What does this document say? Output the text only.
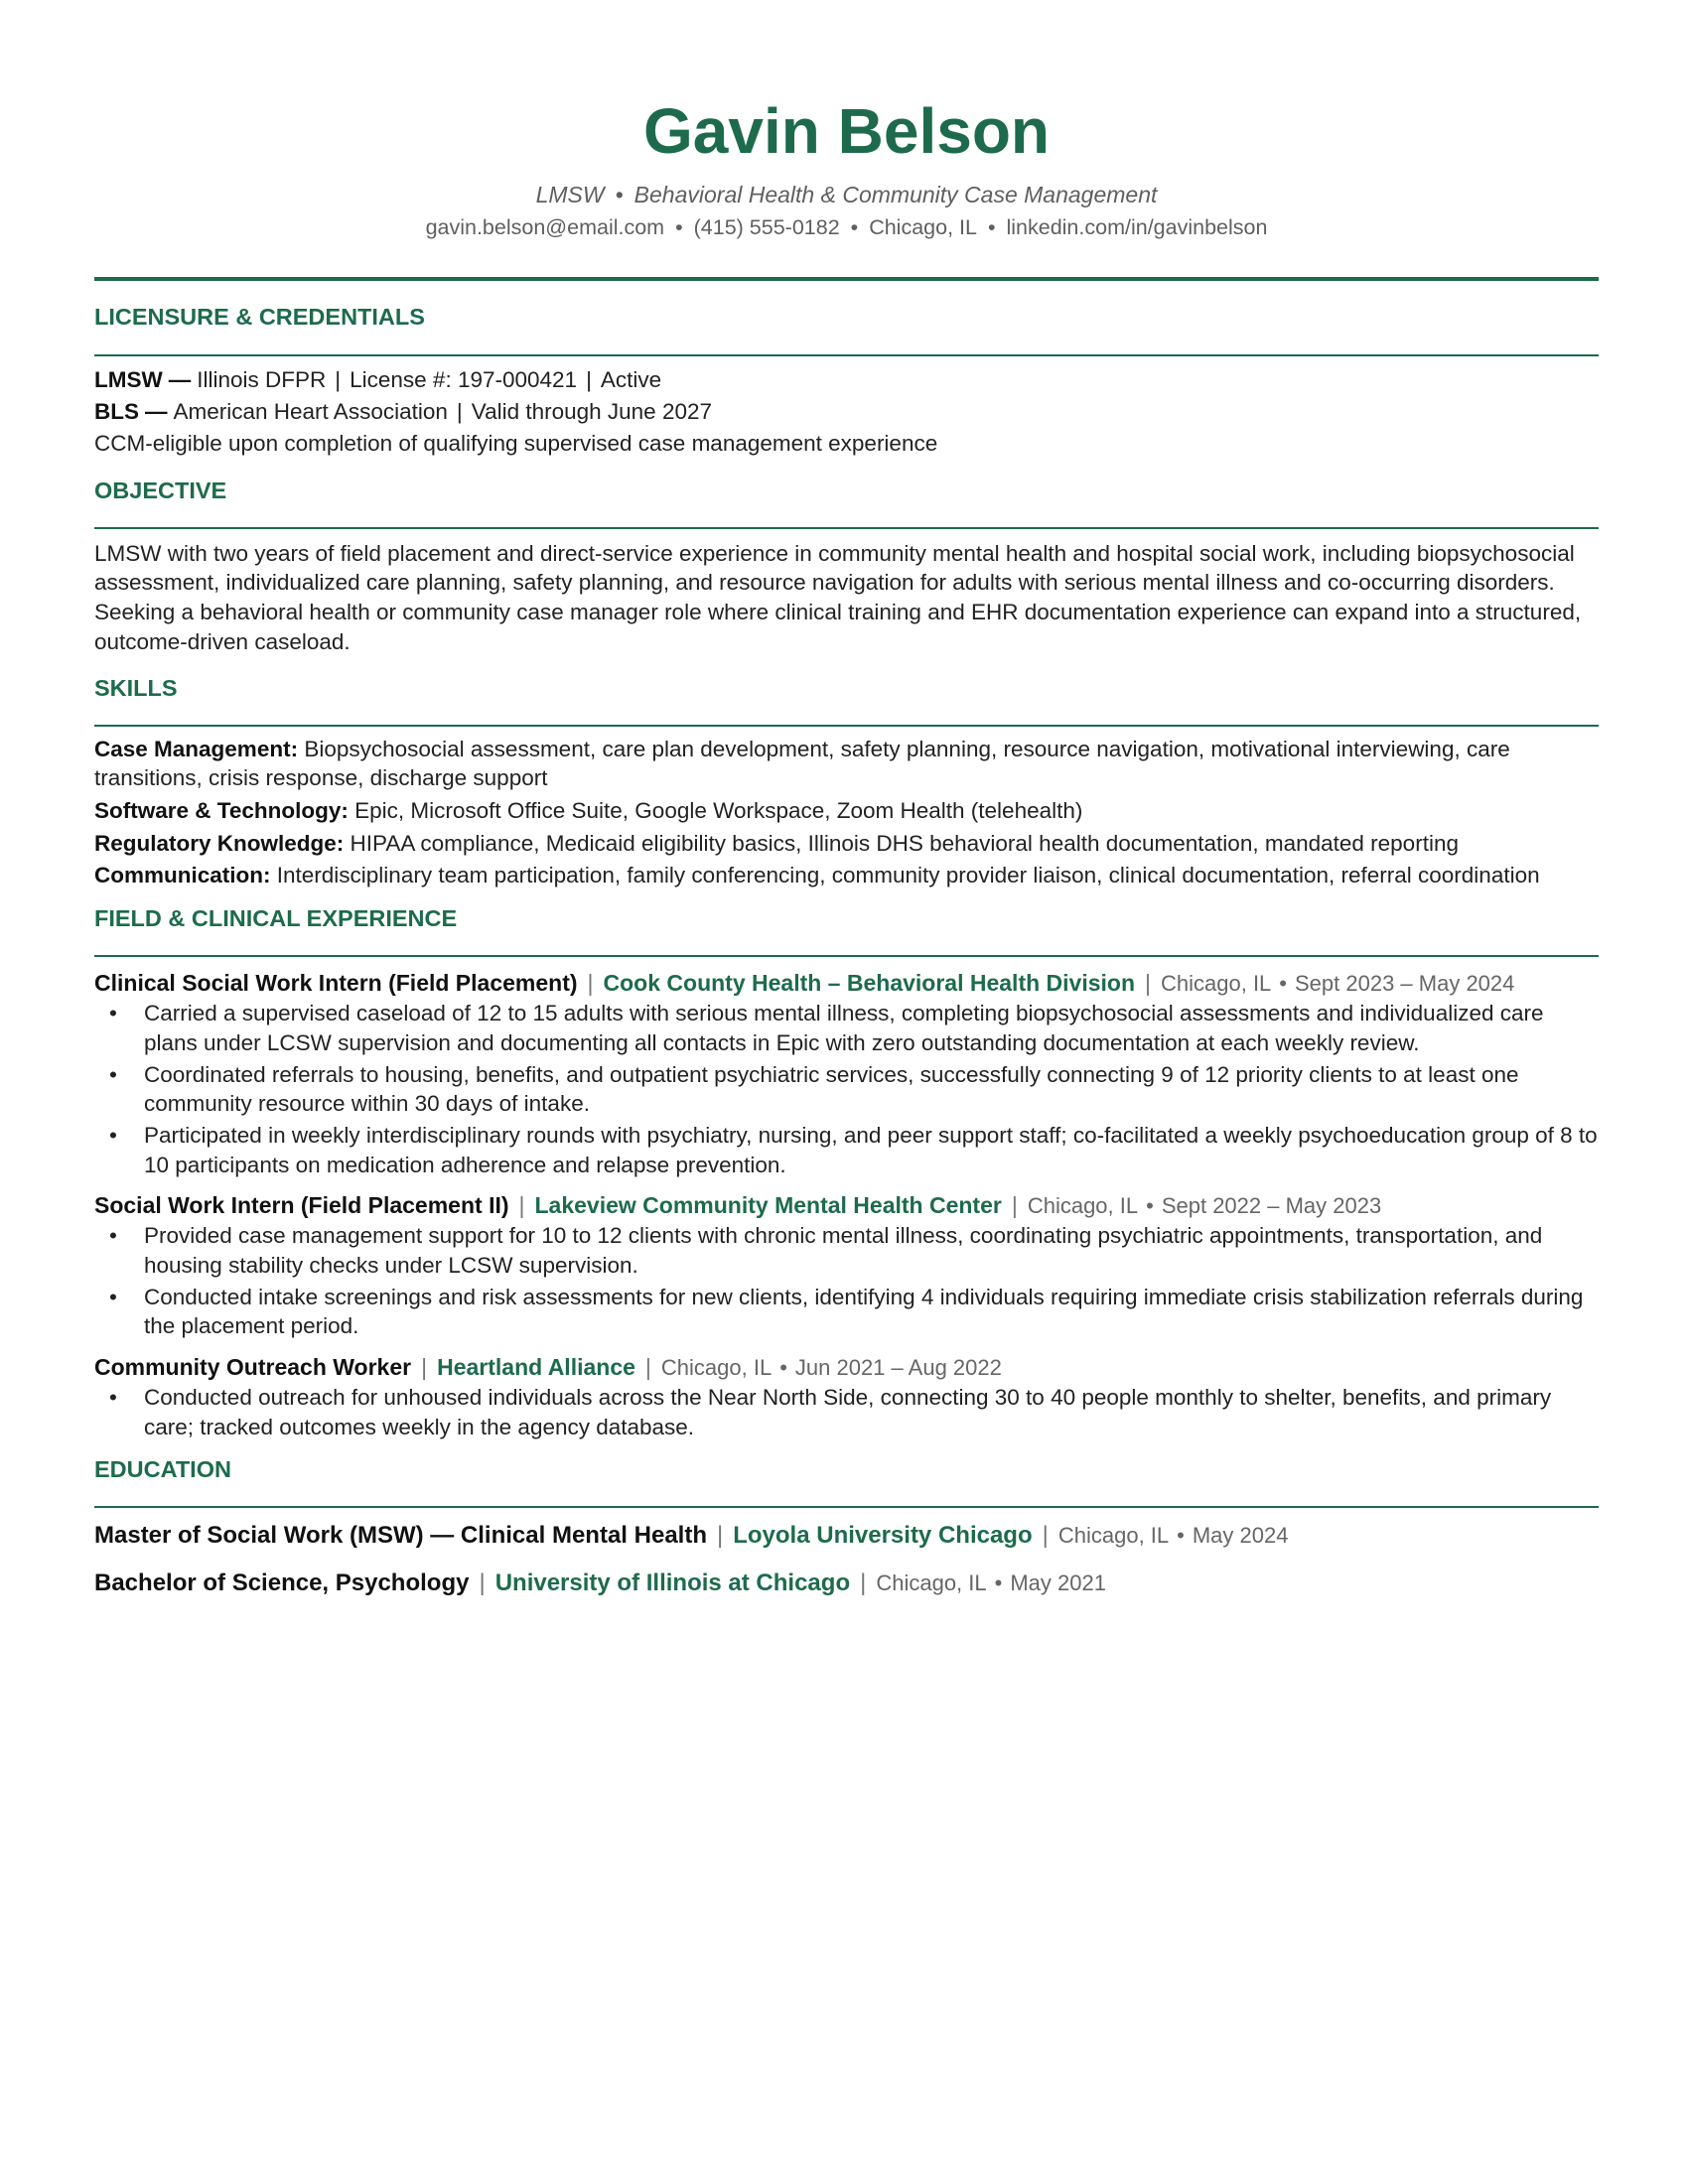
Gavin Belson
LMSW • Behavioral Health & Community Case Management
gavin.belson@email.com • (415) 555-0182 • Chicago, IL • linkedin.com/in/gavinbelson
LICENSURE & CREDENTIALS
LMSW — Illinois DFPR | License #: 197-000421 | Active
BLS — American Heart Association | Valid through June 2027
CCM-eligible upon completion of qualifying supervised case management experience
OBJECTIVE
LMSW with two years of field placement and direct-service experience in community mental health and hospital social work, including biopsychosocial assessment, individualized care planning, safety planning, and resource navigation for adults with serious mental illness and co-occurring disorders. Seeking a behavioral health or community case manager role where clinical training and EHR documentation experience can expand into a structured, outcome-driven caseload.
SKILLS
Case Management: Biopsychosocial assessment, care plan development, safety planning, resource navigation, motivational interviewing, care transitions, crisis response, discharge support
Software & Technology: Epic, Microsoft Office Suite, Google Workspace, Zoom Health (telehealth)
Regulatory Knowledge: HIPAA compliance, Medicaid eligibility basics, Illinois DHS behavioral health documentation, mandated reporting
Communication: Interdisciplinary team participation, family conferencing, community provider liaison, clinical documentation, referral coordination
FIELD & CLINICAL EXPERIENCE
Clinical Social Work Intern (Field Placement) | Cook County Health – Behavioral Health Division | Chicago, IL • Sept 2023 – May 2024
• Carried a supervised caseload of 12 to 15 adults with serious mental illness, completing biopsychosocial assessments and individualized care plans under LCSW supervision and documenting all contacts in Epic with zero outstanding documentation at each weekly review.
• Coordinated referrals to housing, benefits, and outpatient psychiatric services, successfully connecting 9 of 12 priority clients to at least one community resource within 30 days of intake.
• Participated in weekly interdisciplinary rounds with psychiatry, nursing, and peer support staff; co-facilitated a weekly psychoeducation group of 8 to 10 participants on medication adherence and relapse prevention.
Social Work Intern (Field Placement II) | Lakeview Community Mental Health Center | Chicago, IL • Sept 2022 – May 2023
• Provided case management support for 10 to 12 clients with chronic mental illness, coordinating psychiatric appointments, transportation, and housing stability checks under LCSW supervision.
• Conducted intake screenings and risk assessments for new clients, identifying 4 individuals requiring immediate crisis stabilization referrals during the placement period.
Community Outreach Worker | Heartland Alliance | Chicago, IL • Jun 2021 – Aug 2022
• Conducted outreach for unhoused individuals across the Near North Side, connecting 30 to 40 people monthly to shelter, benefits, and primary care; tracked outcomes weekly in the agency database.
EDUCATION
Master of Social Work (MSW) — Clinical Mental Health | Loyola University Chicago | Chicago, IL • May 2024
Bachelor of Science, Psychology | University of Illinois at Chicago | Chicago, IL • May 2021
